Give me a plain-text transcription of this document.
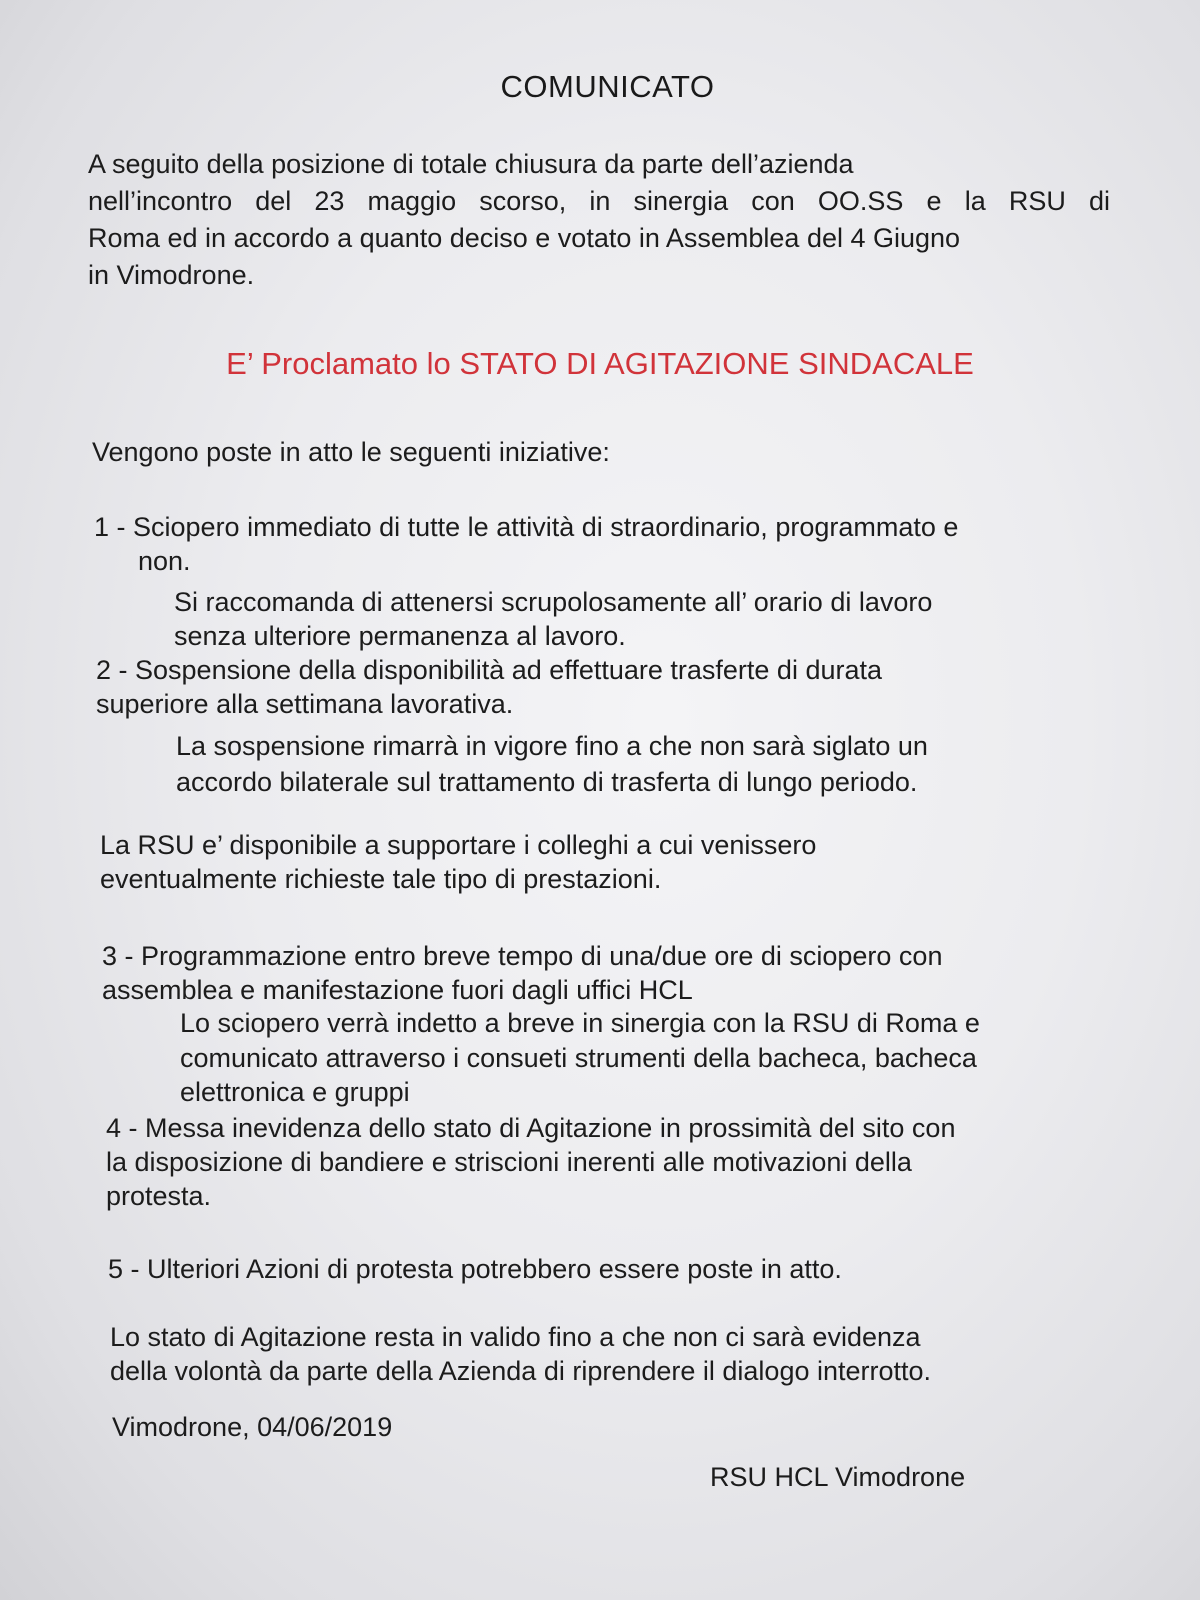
COMUNICATO
A seguito della posizione di totale chiusura da parte dell’azienda
nell’incontro del 23 maggio scorso, in sinergia con OO.SS e la RSU di
Roma ed in accordo a quanto deciso e votato in Assemblea del 4 Giugno
in Vimodrone.
E’ Proclamato lo STATO DI AGITAZIONE SINDACALE
Vengono poste in atto le seguenti iniziative:
1 - Sciopero immediato di tutte le attività di straordinario, programmato e
non.
Si raccomanda di attenersi scrupolosamente all’ orario di lavoro
senza ulteriore permanenza al lavoro.
2 - Sospensione della disponibilità ad effettuare trasferte di durata
superiore alla settimana lavorativa.
La sospensione rimarrà in vigore fino a che non sarà siglato un
accordo bilaterale sul trattamento di trasferta di lungo periodo.
La RSU e’ disponibile a supportare i colleghi a cui venissero
eventualmente richieste tale tipo di prestazioni.
3 - Programmazione entro breve tempo di una/due ore di sciopero con
assemblea e manifestazione fuori dagli uffici HCL
Lo sciopero verrà indetto a breve in sinergia con la RSU di Roma e
comunicato attraverso i consueti strumenti della bacheca, bacheca
elettronica e gruppi
4 - Messa inevidenza dello stato di Agitazione in prossimità del sito con
la disposizione di bandiere e striscioni inerenti alle motivazioni della
protesta.
5 - Ulteriori Azioni di protesta potrebbero essere poste in atto.
Lo stato di Agitazione resta in valido fino a che non ci sarà evidenza
della volontà da parte della Azienda di riprendere il dialogo interrotto.
Vimodrone, 04/06/2019
RSU HCL Vimodrone
